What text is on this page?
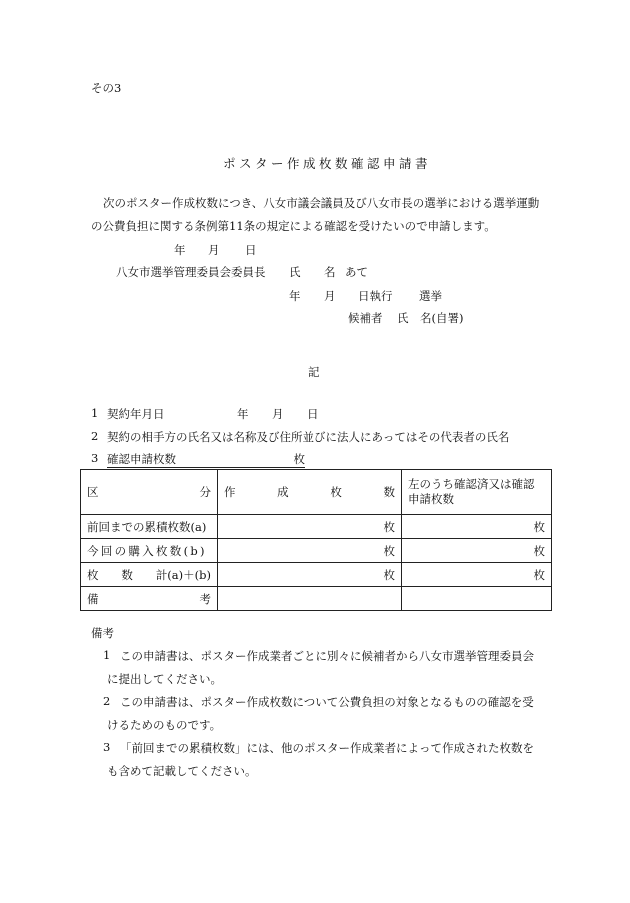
その3
ポスター作成枚数確認申請書
次のポスター作成枚数につき、八女市議会議員及び八女市長の選挙における選挙運動
の公費負担に関する条例第11条の規定による確認を受けたいので申請します。
年 月 日
八女市選挙管理委員会委員長 氏 名 あて
年 月 日執行 選挙
候補者 氏 名(自署)
記
1 契約年月日	年 月 日
2 契約の相手方の氏名又は名称及び住所並びに法人にあってはその代表者の氏名
3 確認申請枚数	枚
区 分	作 成 枚 数	左のうち確認済又は確認申請枚数
前回までの累積枚数(a)	枚	枚
今回の購入枚数(b)	枚	枚

枚 数 計(a)＋(b)	枚	枚

備 考		

備考
1 この申請書は、ポスター作成業者ごとに別々に候補者から八女市選挙管理委員会
に提出してください。
2 この申請書は、ポスター作成枚数について公費負担の対象となるものの確認を受
けるためのものです。
3 「前回までの累積枚数」には、他のポスター作成業者によって作成された枚数を
も含めて記載してください。
